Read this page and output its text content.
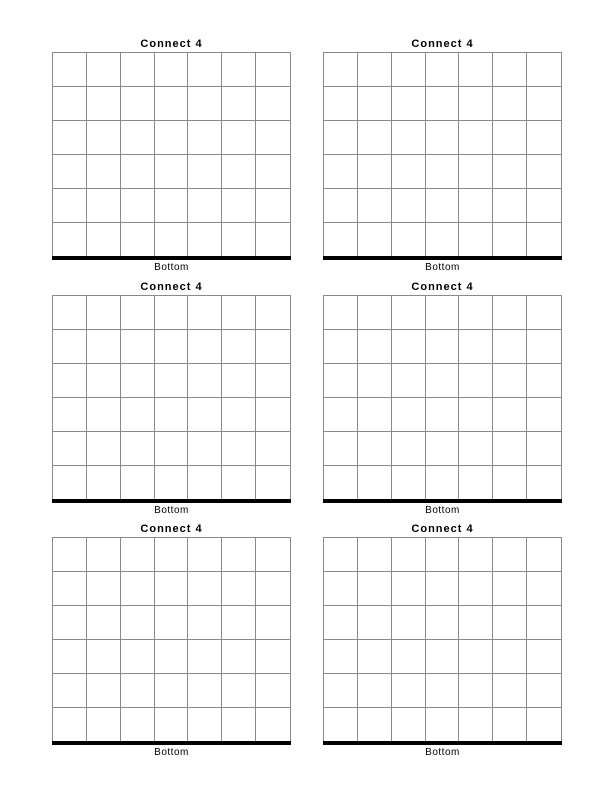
Connect 4
Bottom
Connect 4
Bottom
Connect 4
Bottom
Connect 4
Bottom
Connect 4
Bottom
Connect 4
Bottom
